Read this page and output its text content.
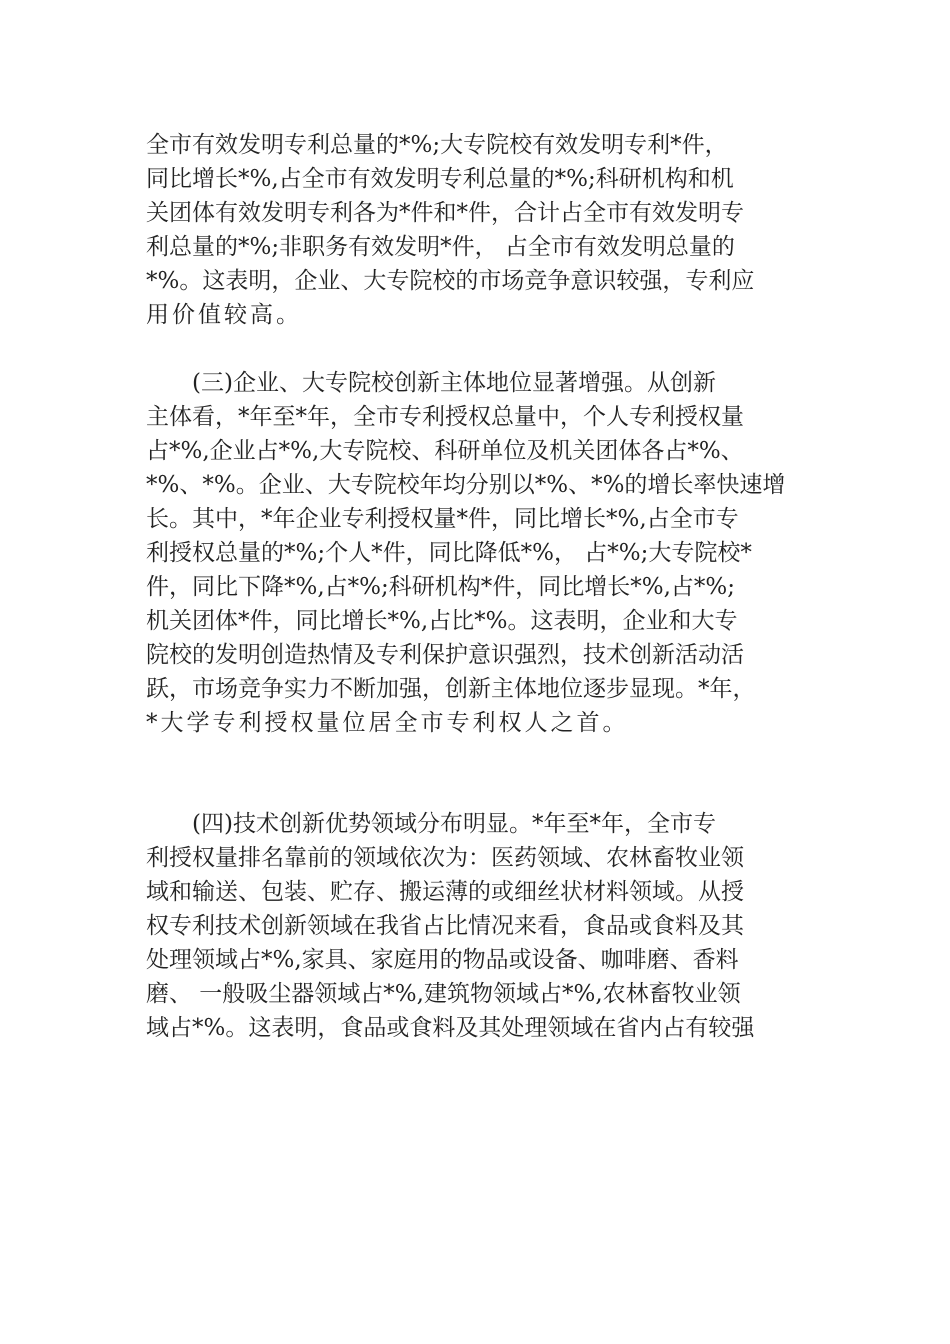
全市有效发明专利总量的*%;大专院校有效发明专利*件，
同比增长*%,占全市有效发明专利总量的*%;科研机构和机
关团体有效发明专利各为*件和*件，合计占全市有效发明专
利总量的*%;非职务有效发明*件， 占全市有效发明总量的
*%。这表明，企业、大专院校的市场竞争意识较强，专利应
用价值较高。
(三)企业、大专院校创新主体地位显著增强。从创新
主体看，*年至*年，全市专利授权总量中，个人专利授权量
占*%,企业占*%,大专院校、科研单位及机关团体各占*%、
*%、*%。企业、大专院校年均分别以*%、*%的增长率快速增
长。其中，*年企业专利授权量*件，同比增长*%,占全市专
利授权总量的*%;个人*件，同比降低*%， 占*%;大专院校*
件，同比下降*%,占*%;科研机构*件，同比增长*%,占*%;
机关团体*件，同比增长*%,占比*%。这表明，企业和大专
院校的发明创造热情及专利保护意识强烈，技术创新活动活
跃，市场竞争实力不断加强，创新主体地位逐步显现。*年，
*大学专利授权量位居全市专利权人之首。
(四)技术创新优势领域分布明显。*年至*年，全市专
利授权量排名靠前的领域依次为：医药领域、农林畜牧业领
域和输送、包装、贮存、搬运薄的或细丝状材料领域。从授
权专利技术创新领域在我省占比情况来看，食品或食料及其
处理领域占*%,家具、家庭用的物品或设备、咖啡磨、香料
磨、 一般吸尘器领域占*%,建筑物领域占*%,农林畜牧业领
域占*%。这表明，食品或食料及其处理领域在省内占有较强
